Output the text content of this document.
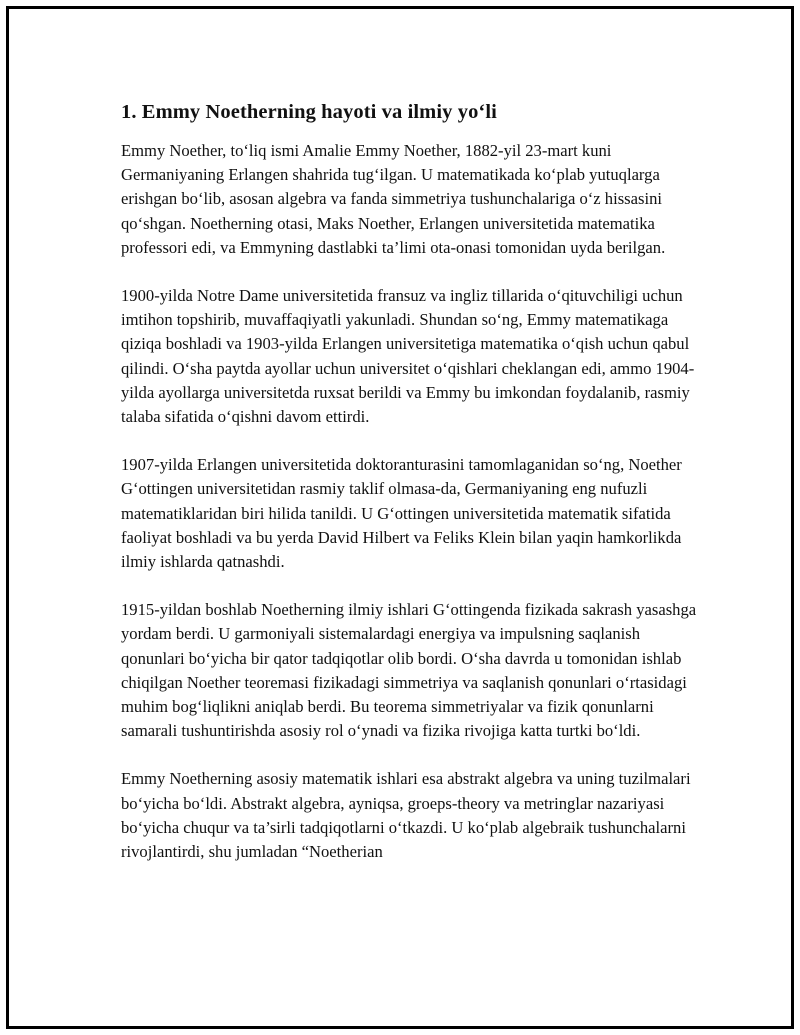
1. Emmy Noetherning hayoti va ilmiy yo‘li

Emmy Noether, to‘liq ismi Amalie Emmy Noether, 1882-yil 23-mart kuni Germaniyaning Erlangen shahrida tug‘ilgan. U matematikada ko‘plab yutuqlarga erishgan bo‘lib, asosan algebra va fanda simmetriya tushunchalariga o‘z hissasini qo‘shgan. Noetherning otasi, Maks Noether, Erlangen universitetida matematika professori edi, va Emmyning dastlabki ta’limi ota-onasi tomonidan uyda berilgan.

1900-yilda Notre Dame universitetida fransuz va ingliz tillarida o‘qituvchiligi uchun imtihon topshirib, muvaffaqiyatli yakunladi. Shundan so‘ng, Emmy matematikaga qiziqa boshladi va 1903-yilda Erlangen universitetiga matematika o‘qish uchun qabul qilindi. O‘sha paytda ayollar uchun universitet o‘qishlari cheklangan edi, ammo 1904-yilda ayollarga universitetda ruxsat berildi va Emmy bu imkondan foydalanib, rasmiy talaba sifatida o‘qishni davom ettirdi.

1907-yilda Erlangen universitetida doktoranturasini tamomlaganidan so‘ng, Noether G‘ottingen universitetidan rasmiy taklif olmasa-da, Germaniyaning eng nufuzli matematiklaridan biri hilida tanildi. U G‘ottingen universitetida matematik sifatida faoliyat boshladi va bu yerda David Hilbert va Feliks Klein bilan yaqin hamkorlikda ilmiy ishlarda qatnashdi.

1915-yildan boshlab Noetherning ilmiy ishlari G‘ottingenda fizikada sakrash yasashga yordam berdi. U garmoniyali sistemalardagi energiya va impulsning saqlanish qonunlari bo‘yicha bir qator tadqiqotlar olib bordi. O‘sha davrda u tomonidan ishlab chiqilgan Noether teoremasi fizikadagi simmetriya va saqlanish qonunlari o‘rtasidagi muhim bog‘liqlikni aniqlab berdi. Bu teorema simmetriyalar va fizik qonunlarni samarali tushuntirishda asosiy rol o‘ynadi va fizika rivojiga katta turtki bo‘ldi.

Emmy Noetherning asosiy matematik ishlari esa abstrakt algebra va uning tuzilmalari bo‘yicha bo‘ldi. Abstrakt algebra, ayniqsa, groeps-theory va metringlar nazariyasi bo‘yicha chuqur va ta’sirli tadqiqotlarni o‘tkazdi. U ko‘plab algebraik tushunchalarni rivojlantirdi, shu jumladan “Noetherian
